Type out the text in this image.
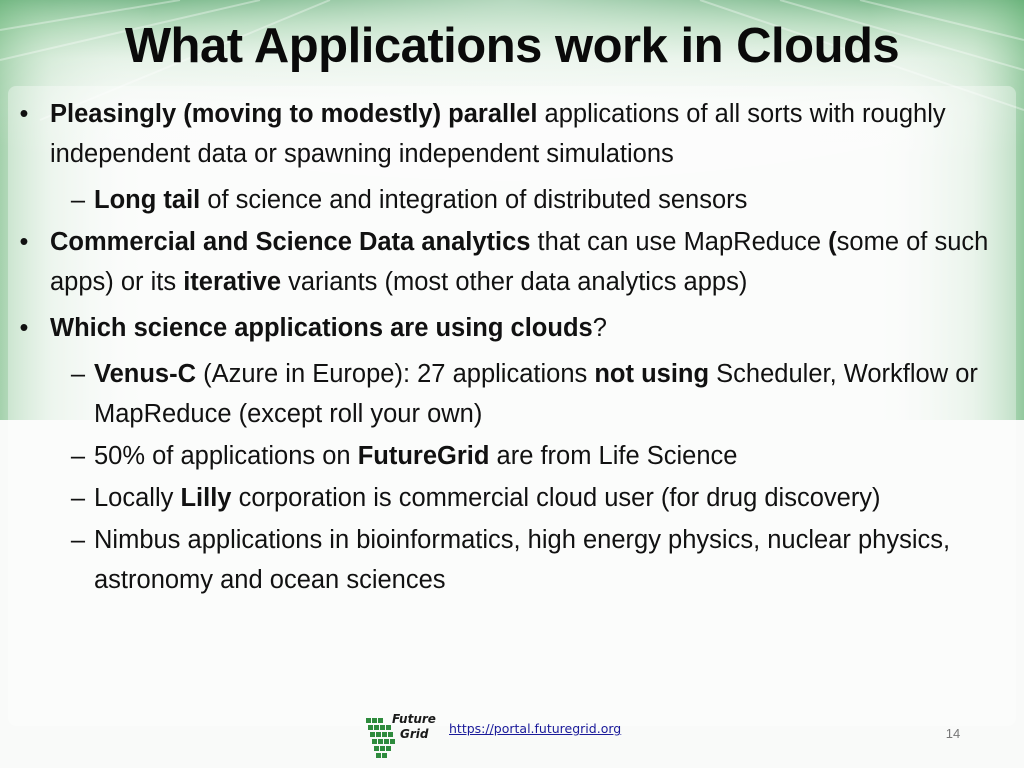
What Applications work in Clouds

• Pleasingly (moving to modestly) parallel applications of all sorts with roughly independent data or spawning independent simulations

– Long tail of science and integration of distributed sensors

• Commercial and Science Data analytics that can use MapReduce (some of such apps) or its iterative variants (most other data analytics apps)

• Which science applications are using clouds?

– Venus-C (Azure in Europe): 27 applications not using Scheduler, Workflow or MapReduce (except roll your own)

– 50% of applications on FutureGrid are from Life Science

– Locally Lilly corporation is commercial cloud user (for drug discovery)

– Nimbus applications in bioinformatics, high energy physics, nuclear physics, astronomy and ocean sciences

Future
Grid https://portal.futuregrid.org	14
